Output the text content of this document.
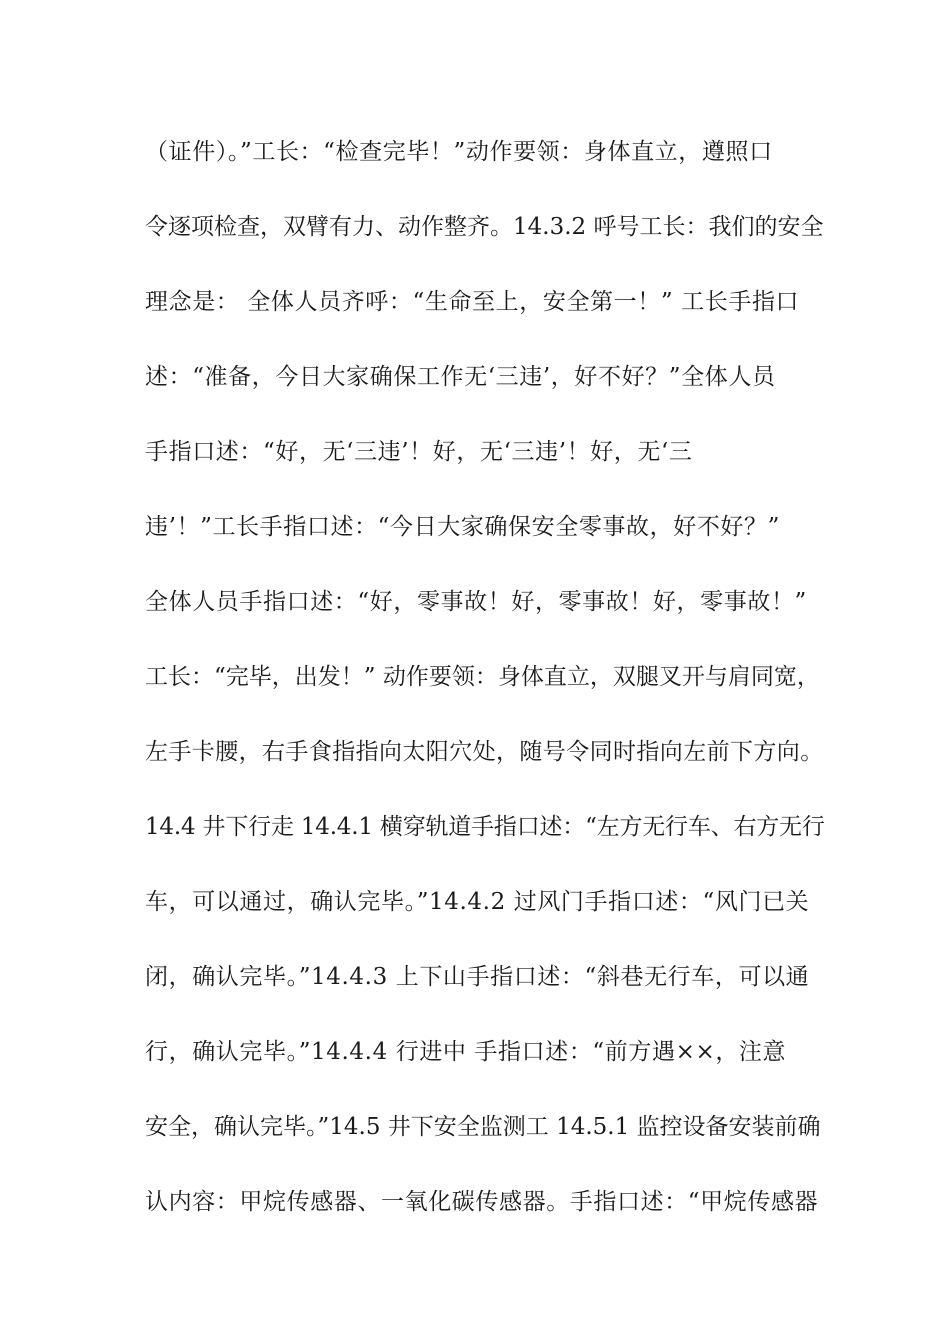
（证件）。”工长：“检查完毕！”动作要领：身体直立，遵照口
令逐项检查，双臂有力、动作整齐。14.3.2 呼号工长：我们的安全
理念是： 全体人员齐呼：“生命至上，安全第一！” 工长手指口
述：“准备，今日大家确保工作无‘三违’，好不好？”全体人员
手指口述：“好，无‘三违’！好，无‘三违’！好，无‘三
违’！”工长手指口述：“今日大家确保安全零事故，好不好？”
全体人员手指口述：“好，零事故！好，零事故！好，零事故！”
工长：“完毕，出发！” 动作要领：身体直立，双腿叉开与肩同宽，
左手卡腰，右手食指指向太阳穴处，随号令同时指向左前下方向。
14.4 井下行走 14.4.1 横穿轨道手指口述：“左方无行车、右方无行
车，可以通过，确认完毕。”14.4.2 过风门手指口述：“风门已关
闭，确认完毕。”14.4.3 上下山手指口述：“斜巷无行车，可以通
行，确认完毕。”14.4.4 行进中 手指口述：“前方遇××，注意
安全，确认完毕。”14.5 井下安全监测工 14.5.1 监控设备安装前确
认内容：甲烷传感器、一氧化碳传感器。手指口述：“甲烷传感器
